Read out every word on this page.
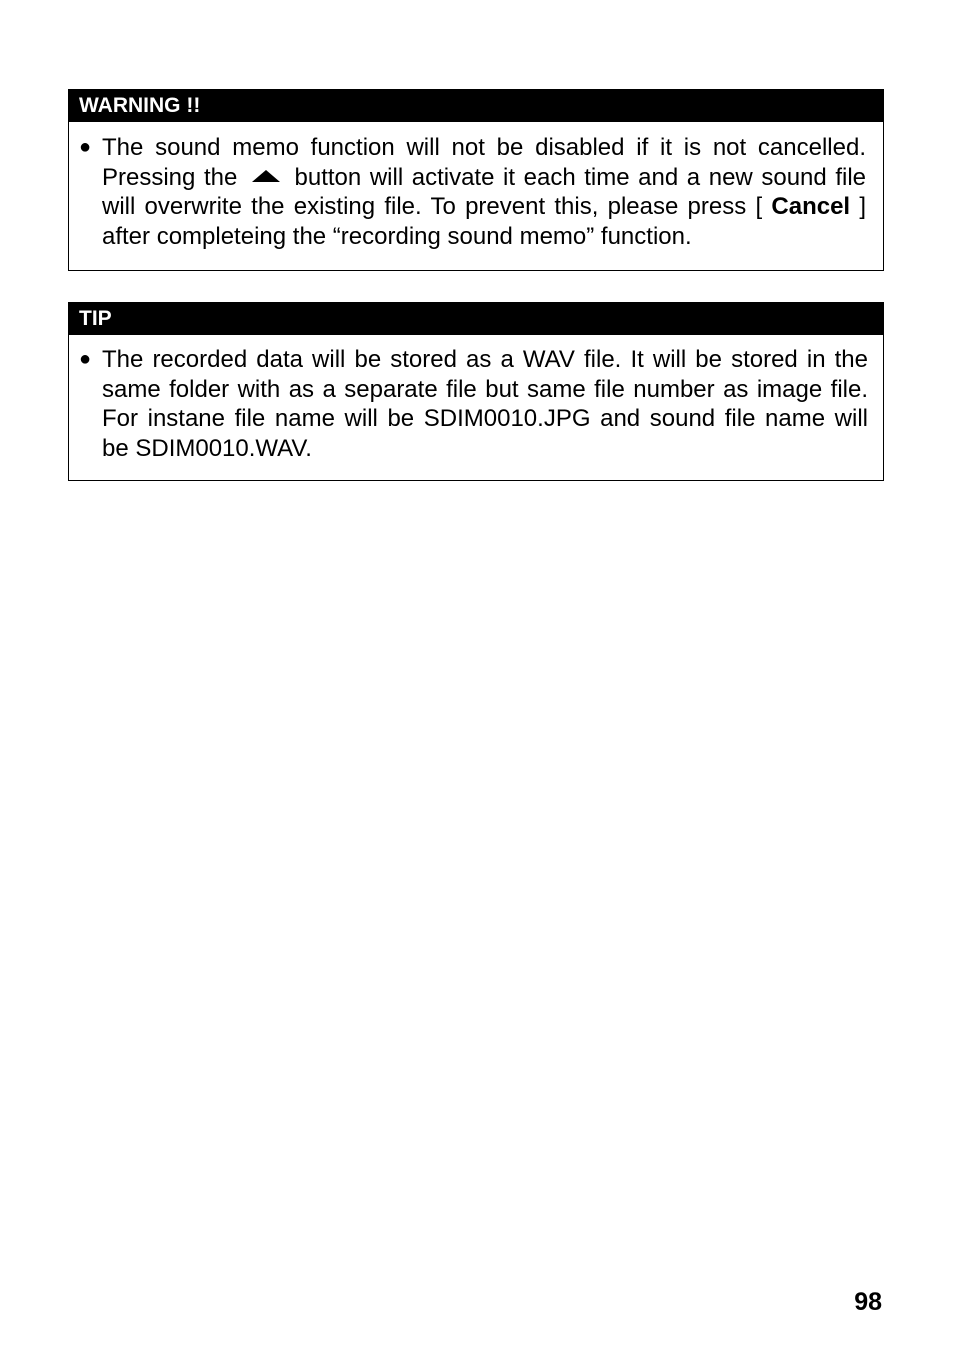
WARNING !!
● The sound memo function will not be disabled if it is not cancelled. Pressing the button will activate it each time and a new sound file will overwrite the existing file. To prevent this, please press [ Cancel ] after completeing the “recording sound memo” function.
TIP
● The recorded data will be stored as a WAV file. It will be stored in the same folder with as a separate file but same file number as image file. For instane file name will be SDIM0010.JPG and sound file name will be SDIM0010.WAV.
98
